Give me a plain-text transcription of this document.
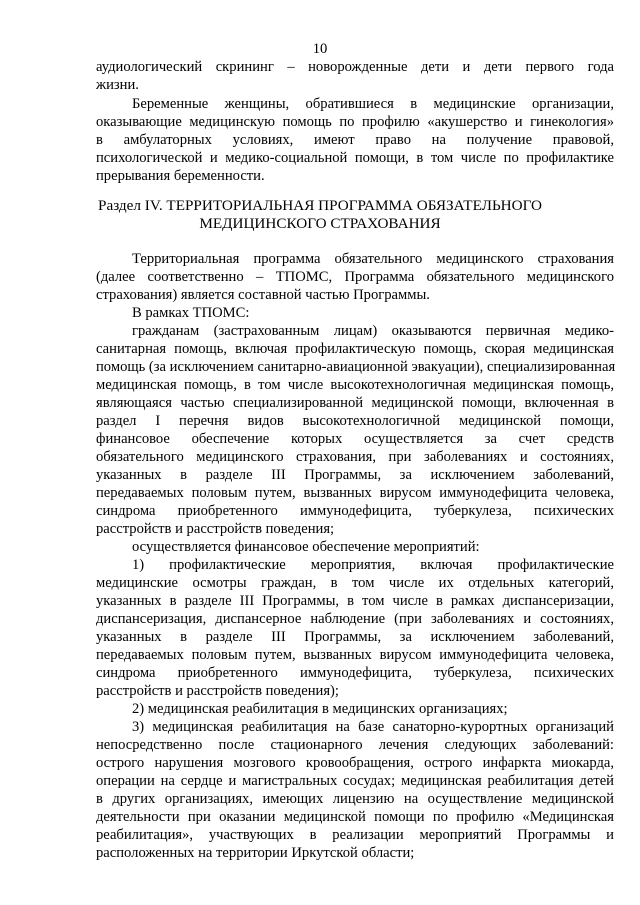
10
аудиологический скрининг – новорожденные дети и дети первого года
жизни.
Беременные женщины, обратившиеся в медицинские организации,
оказывающие медицинскую помощь по профилю «акушерство и гинекология»
в амбулаторных условиях, имеют право на получение правовой,
психологической и медико-социальной помощи, в том числе по профилактике
прерывания беременности.
Раздел IV. ТЕРРИТОРИАЛЬНАЯ ПРОГРАММА ОБЯЗАТЕЛЬНОГО
МЕДИЦИНСКОГО СТРАХОВАНИЯ
Территориальная программа обязательного медицинского страхования
(далее соответственно – ТПОМС, Программа обязательного медицинского
страхования) является составной частью Программы.
В рамках ТПОМС:
гражданам (застрахованным лицам) оказываются первичная медико-
санитарная помощь, включая профилактическую помощь, скорая медицинская
помощь (за исключением санитарно-авиационной эвакуации), специализированная
медицинская помощь, в том числе высокотехнологичная медицинская помощь,
являющаяся частью специализированной медицинской помощи, включенная в
раздел I перечня видов высокотехнологичной медицинской помощи,
финансовое обеспечение которых осуществляется за счет средств
обязательного медицинского страхования, при заболеваниях и состояниях,
указанных в разделе III Программы, за исключением заболеваний,
передаваемых половым путем, вызванных вирусом иммунодефицита человека,
синдрома приобретенного иммунодефицита, туберкулеза, психических
расстройств и расстройств поведения;
осуществляется финансовое обеспечение мероприятий:
1) профилактические мероприятия, включая профилактические
медицинские осмотры граждан, в том числе их отдельных категорий,
указанных в разделе III Программы, в том числе в рамках диспансеризации,
диспансеризация, диспансерное наблюдение (при заболеваниях и состояниях,
указанных в разделе III Программы, за исключением заболеваний,
передаваемых половым путем, вызванных вирусом иммунодефицита человека,
синдрома приобретенного иммунодефицита, туберкулеза, психических
расстройств и расстройств поведения);
2) медицинская реабилитация в медицинских организациях;
3) медицинская реабилитация на базе санаторно-курортных организаций
непосредственно после стационарного лечения следующих заболеваний:
острого нарушения мозгового кровообращения, острого инфаркта миокарда,
операции на сердце и магистральных сосудах; медицинская реабилитация детей
в других организациях, имеющих лицензию на осуществление медицинской
деятельности при оказании медицинской помощи по профилю «Медицинская
реабилитация», участвующих в реализации мероприятий Программы и
расположенных на территории Иркутской области;
